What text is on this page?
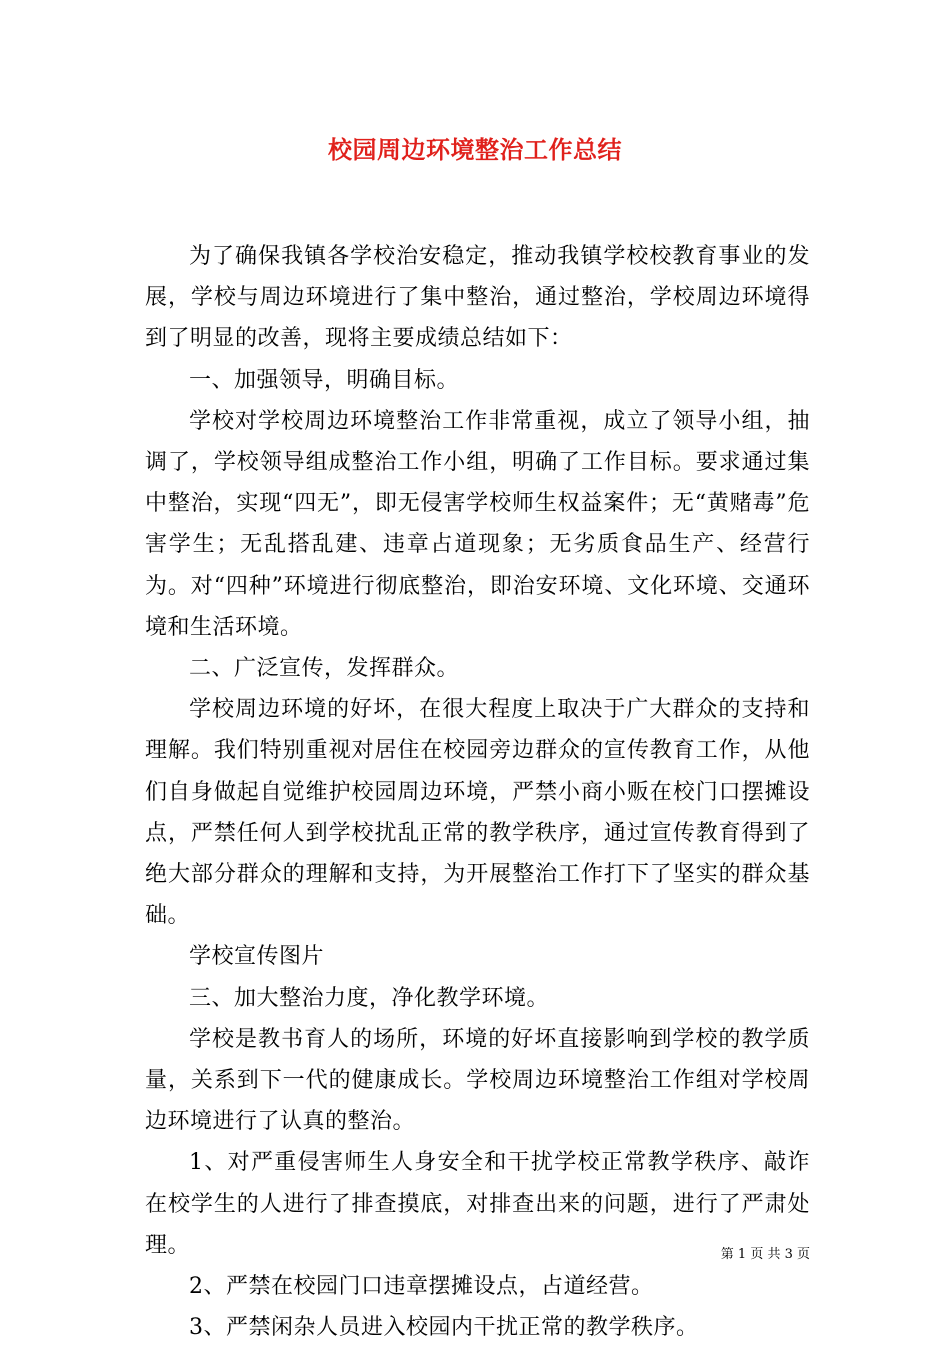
校园周边环境整治工作总结

为了确保我镇各学校治安稳定，推动我镇学校校教育事业的发展，学校与周边环境进行了集中整治，通过整治，学校周边环境得到了明显的改善，现将主要成绩总结如下：

一、加强领导，明确目标。

学校对学校周边环境整治工作非常重视，成立了领导小组，抽调了，学校领导组成整治工作小组，明确了工作目标。要求通过集中整治，实现“四无”，即无侵害学校师生权益案件；无“黄赌毒”危害学生；无乱搭乱建、违章占道现象；无劣质食品生产、经营行为。对“四种”环境进行彻底整治，即治安环境、文化环境、交通环境和生活环境。

二、广泛宣传，发挥群众。

学校周边环境的好坏，在很大程度上取决于广大群众的支持和理解。我们特别重视对居住在校园旁边群众的宣传教育工作，从他们自身做起自觉维护校园周边环境，严禁小商小贩在校门口摆摊设点，严禁任何人到学校扰乱正常的教学秩序，通过宣传教育得到了绝大部分群众的理解和支持，为开展整治工作打下了坚实的群众基础。

学校宣传图片

三、加大整治力度，净化教学环境。

学校是教书育人的场所，环境的好坏直接影响到学校的教学质量，关系到下一代的健康成长。学校周边环境整治工作组对学校周边环境进行了认真的整治。

1、对严重侵害师生人身安全和干扰学校正常教学秩序、敲诈在校学生的人进行了排查摸底，对排查出来的问题，进行了严肃处理。

2、严禁在校园门口违章摆摊设点，占道经营。

3、严禁闲杂人员进入校园内干扰正常的教学秩序。

第 1 页 共 3 页
